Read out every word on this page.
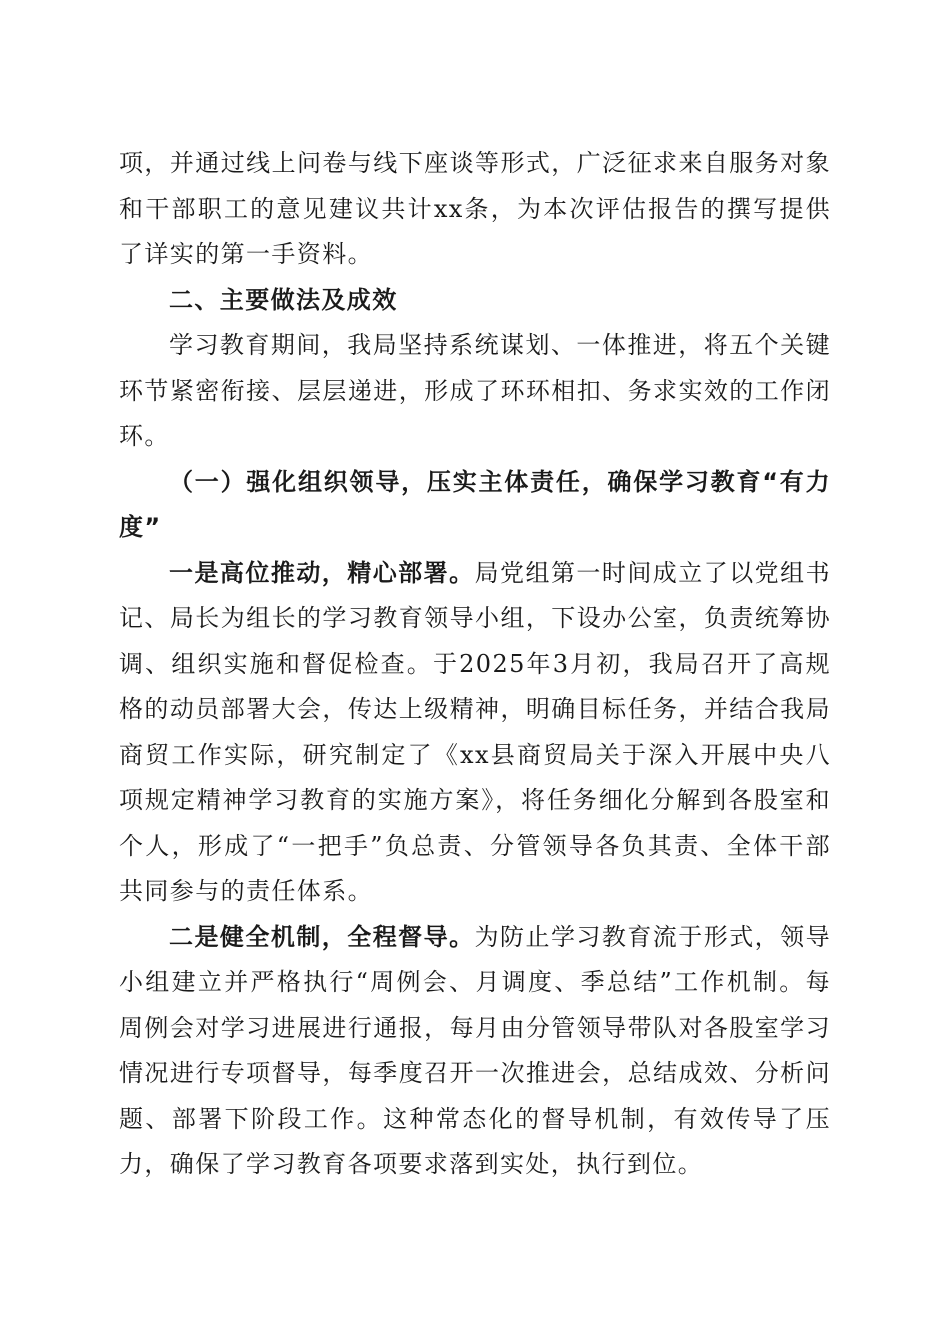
项，并通过线上问卷与线下座谈等形式，广泛征求来自服务对象和干部职工的意见建议共计xx条，为本次评估报告的撰写提供了详实的第一手资料。

二、主要做法及成效

学习教育期间，我局坚持系统谋划、一体推进，将五个关键环节紧密衔接、层层递进，形成了环环相扣、务求实效的工作闭环。

（一）强化组织领导，压实主体责任，确保学习教育“有力度”

一是高位推动，精心部署。局党组第一时间成立了以党组书记、局长为组长的学习教育领导小组，下设办公室，负责统筹协调、组织实施和督促检查。于2025年3月初，我局召开了高规格的动员部署大会，传达上级精神，明确目标任务，并结合我局商贸工作实际，研究制定了《xx县商贸局关于深入开展中央八项规定精神学习教育的实施方案》，将任务细化分解到各股室和个人，形成了“一把手”负总责、分管领导各负其责、全体干部共同参与的责任体系。

二是健全机制，全程督导。为防止学习教育流于形式，领导小组建立并严格执行“周例会、月调度、季总结”工作机制。每周例会对学习进展进行通报，每月由分管领导带队对各股室学习情况进行专项督导，每季度召开一次推进会，总结成效、分析问题、部署下阶段工作。这种常态化的督导机制，有效传导了压力，确保了学习教育各项要求落到实处，执行到位。
